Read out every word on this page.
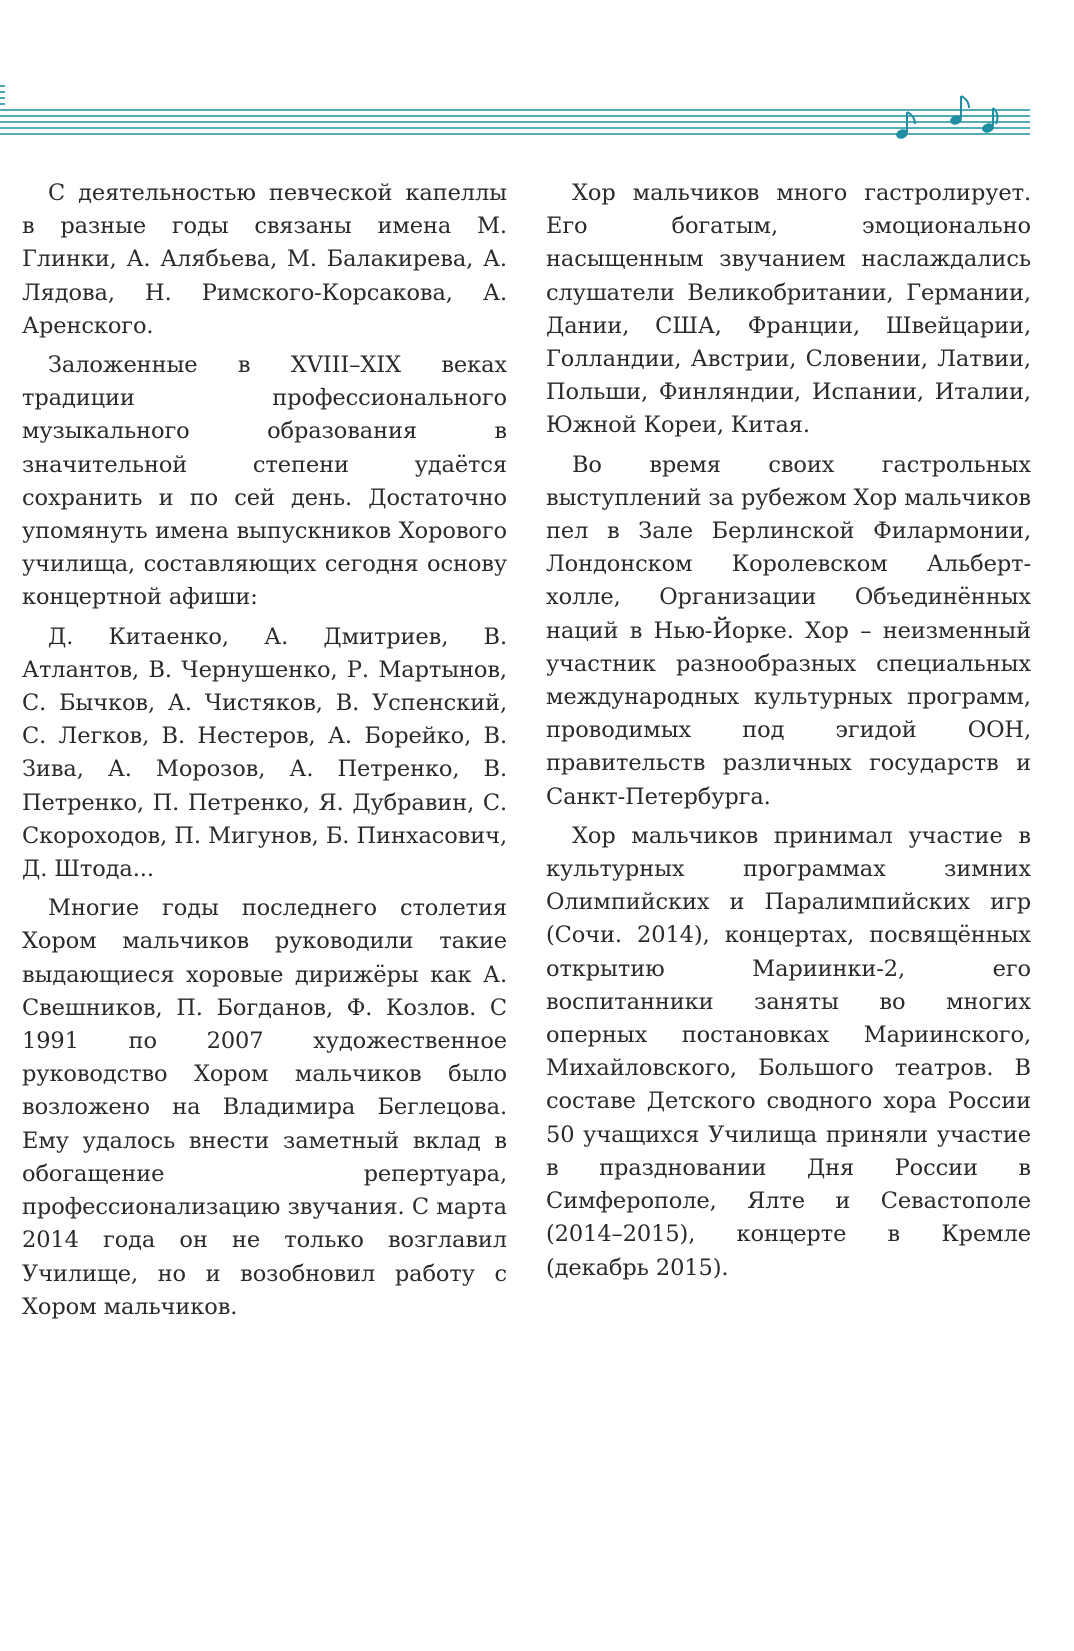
С деятельностью певческой капеллы в разные годы связаны имена М. Глинки, А. Алябьева, М. Балакирева, А. Лядова, Н. Римского-Корсакова, А. Аренского.

Заложенные в XVIII–XIX веках традиции профессионального музыкального образования в значительной степени удаётся сохранить и по сей день. Достаточно упомянуть имена выпускников Хорового училища, составляющих сегодня основу концертной афиши:

Д. Китаенко, А. Дмитриев, В. Атлантов, В. Чернушенко, Р. Мартынов, С. Бычков, А. Чистяков, В. Успенский, С. Легков, В. Нестеров, А. Борейко, В. Зива, А. Морозов, А. Петренко, В. Петренко, П. Петренко, Я. Дубравин, С. Скороходов, П. Мигунов, Б. Пинхасович, Д. Штода...

Многие годы последнего столетия Хором мальчиков руководили такие выдающиеся хоровые дирижёры как А. Свешников, П. Богданов, Ф. Козлов. С 1991 по 2007 художественное руководство Хором мальчиков было возложено на Владимира Беглецова. Ему удалось внести заметный вклад в обогащение репертуара, профессионализацию звучания. С марта 2014 года он не только возглавил Училище, но и возобновил работу с Хором мальчиков.

Хор мальчиков много гастролирует. Его богатым, эмоционально насыщенным звучанием наслаждались слушатели Великобритании, Германии, Дании, США, Франции, Швейцарии, Голландии, Австрии, Словении, Латвии, Польши, Финляндии, Испании, Италии, Южной Кореи, Китая.

Во время своих гастрольных выступлений за рубежом Хор мальчиков пел в Зале Берлинской Филармонии, Лондонском Королевском Альберт-холле, Организации Объединённых наций в Нью-Йорке. Хор – неизменный участник разнообразных специальных международных культурных программ, проводимых под эгидой ООН, правительств различных государств и Санкт-Петербурга.

Хор мальчиков принимал участие в культурных программах зимних Олимпийских и Паралимпийских игр (Сочи. 2014), концертах, посвящённых открытию Мариинки-2, его воспитанники заняты во многих оперных постановках Мариинского, Михайловского, Большого театров. В составе Детского сводного хора России 50 учащихся Училища приняли участие в праздновании Дня России в Симферополе, Ялте и Севастополе (2014–2015), концерте в Кремле (декабрь 2015).
